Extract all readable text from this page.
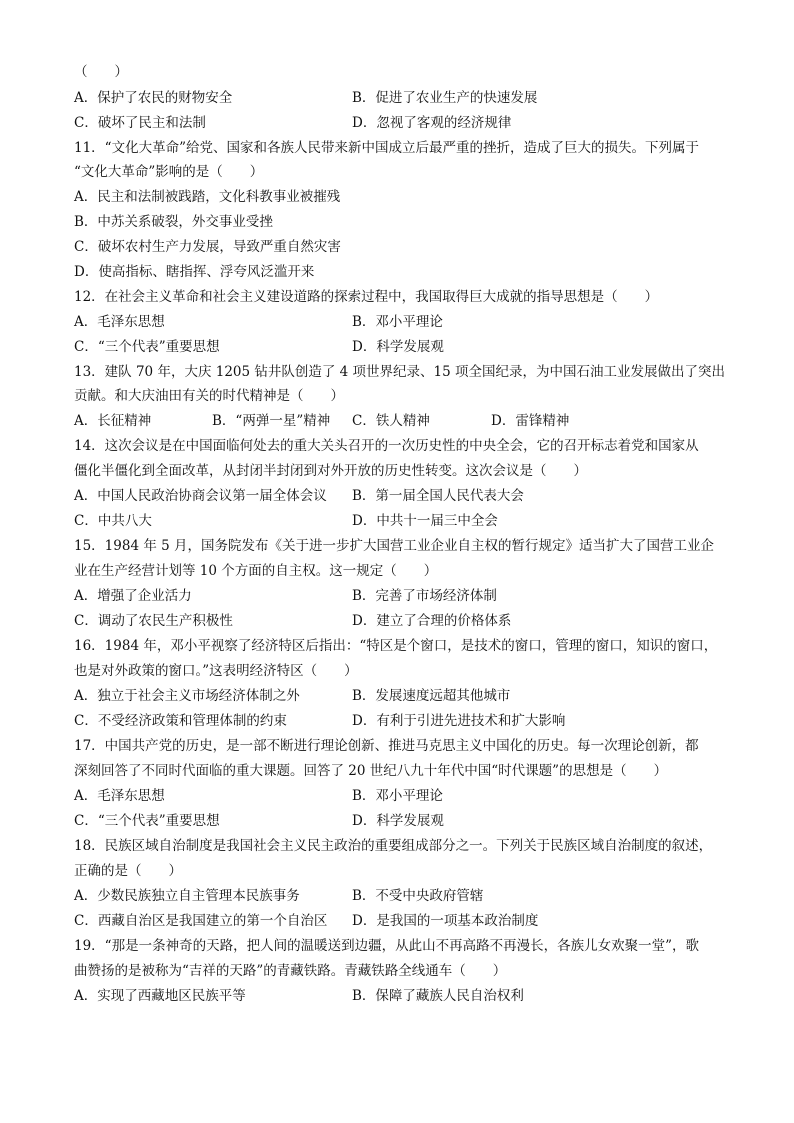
（　　）
A．保护了农民的财物安全	B．促进了农业生产的快速发展
C．破坏了民主和法制	D．忽视了客观的经济规律
11．“文化大革命”给党、国家和各族人民带来新中国成立后最严重的挫折，造成了巨大的损失。下列属于
“文化大革命”影响的是（　　）
A．民主和法制被践踏，文化科教事业被摧残
B．中苏关系破裂，外交事业受挫
C．破坏农村生产力发展，导致严重自然灾害
D．使高指标、瞎指挥、浮夸风泛滥开来
12．在社会主义革命和社会主义建设道路的探索过程中，我国取得巨大成就的指导思想是（　　）
A．毛泽东思想	B．邓小平理论
C．“三个代表”重要思想	D．科学发展观
13．建队 70 年，大庆 1205 钻井队创造了 4 项世界纪录、15 项全国纪录，为中国石油工业发展做出了突出
贡献。和大庆油田有关的时代精神是（　　）
A．长征精神	B．“两弹一星”精神 C．铁人精神	D．雷锋精神
14．这次会议是在中国面临何处去的重大关头召开的一次历史性的中央全会，它的召开标志着党和国家从
僵化半僵化到全面改革，从封闭半封闭到对外开放的历史性转变。这次会议是（　　）
A．中国人民政治协商会议第一届全体会议 B．第一届全国人民代表大会
C．中共八大	D．中共十一届三中全会
15．1984 年 5 月，国务院发布《关于进一步扩大国营工业企业自主权的暂行规定》适当扩大了国营工业企
业在生产经营计划等 10 个方面的自主权。这一规定（　　）
A．增强了企业活力	B．完善了市场经济体制
C．调动了农民生产积极性	D．建立了合理的价格体系
16．1984 年，邓小平视察了经济特区后指出：“特区是个窗口，是技术的窗口，管理的窗口，知识的窗口，
也是对外政策的窗口。”这表明经济特区（　　）
A．独立于社会主义市场经济体制之外	B．发展速度远超其他城市
C．不受经济政策和管理体制的约束	D．有利于引进先进技术和扩大影响
17．中国共产党的历史，是一部不断进行理论创新、推进马克思主义中国化的历史。每一次理论创新，都
深刻回答了不同时代面临的重大课题。回答了 20 世纪八九十年代中国“时代课题”的思想是（　　）
A．毛泽东思想	B．邓小平理论
C．“三个代表”重要思想	D．科学发展观
18．民族区域自治制度是我国社会主义民主政治的重要组成部分之一。下列关于民族区域自治制度的叙述，
正确的是（　　）
A．少数民族独立自主管理本民族事务	B．不受中央政府管辖
C．西藏自治区是我国建立的第一个自治区 D．是我国的一项基本政治制度
19．“那是一条神奇的天路，把人间的温暖送到边疆，从此山不再高路不再漫长，各族儿女欢聚一堂”，歌
曲赞扬的是被称为“吉祥的天路”的青藏铁路。青藏铁路全线通车（　　）
A．实现了西藏地区民族平等	B．保障了藏族人民自治权利
